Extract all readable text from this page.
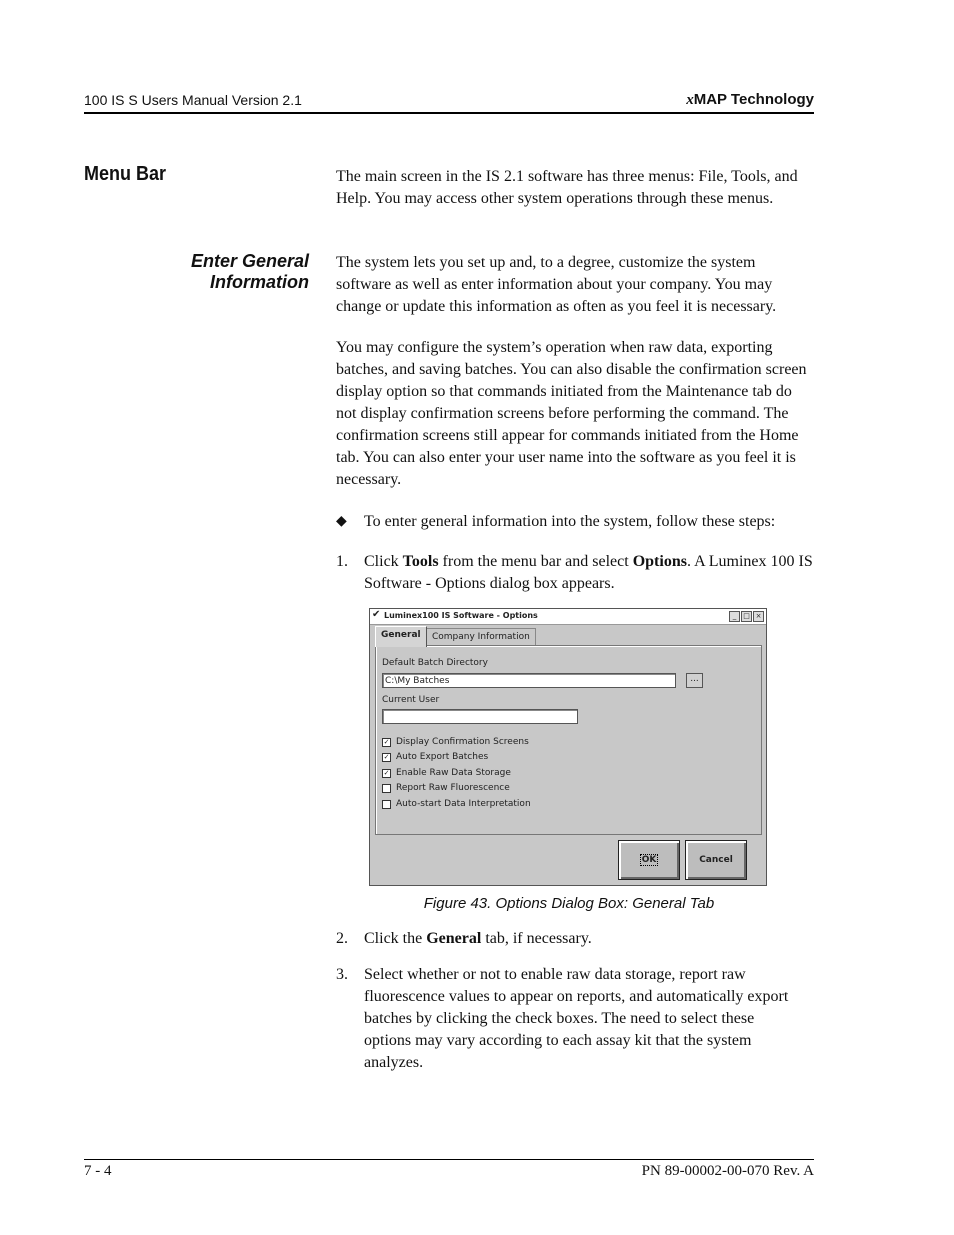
100 IS S Users Manual Version 2.1	xMAP Technology
Menu Bar	The main screen in the IS 2.1 software has three menus: File, Tools, and Help. You may access other system operations through these menus.
Enter General
Information
The system lets you set up and, to a degree, customize the system software as well as enter information about your company. You may change or update this information as often as you feel it is necessary.
You may configure the system’s operation when raw data, exporting batches, and saving batches. You can also disable the confirmation screen display option so that commands initiated from the Maintenance tab do not display confirmation screens before performing the command. The confirmation screens still appear for commands initiated from the Home tab. You can also enter your user name into the software as you feel it is necessary.
◆ To enter general information into the system, follow these steps:
1. Click Tools from the menu bar and select Options. A Luminex 100 IS Software - Options dialog box appears.
✔ Luminex100 IS Software - Options	_ □ ×
General	Company Information
Default Batch Directory
C:\My Batches	...
Current User
✓ Display Confirmation Screens
✓ Auto Export Batches
✓ Enable Raw Data Storage
Report Raw Fluorescence
Auto-start Data Interpretation
OK	Cancel
Figure 43. Options Dialog Box: General Tab
2. Click the General tab, if necessary.
3. Select whether or not to enable raw data storage, report raw fluorescence values to appear on reports, and automatically export batches by clicking the check boxes. The need to select these options may vary according to each assay kit that the system analyzes.
7 - 4	PN 89-00002-00-070 Rev. A
